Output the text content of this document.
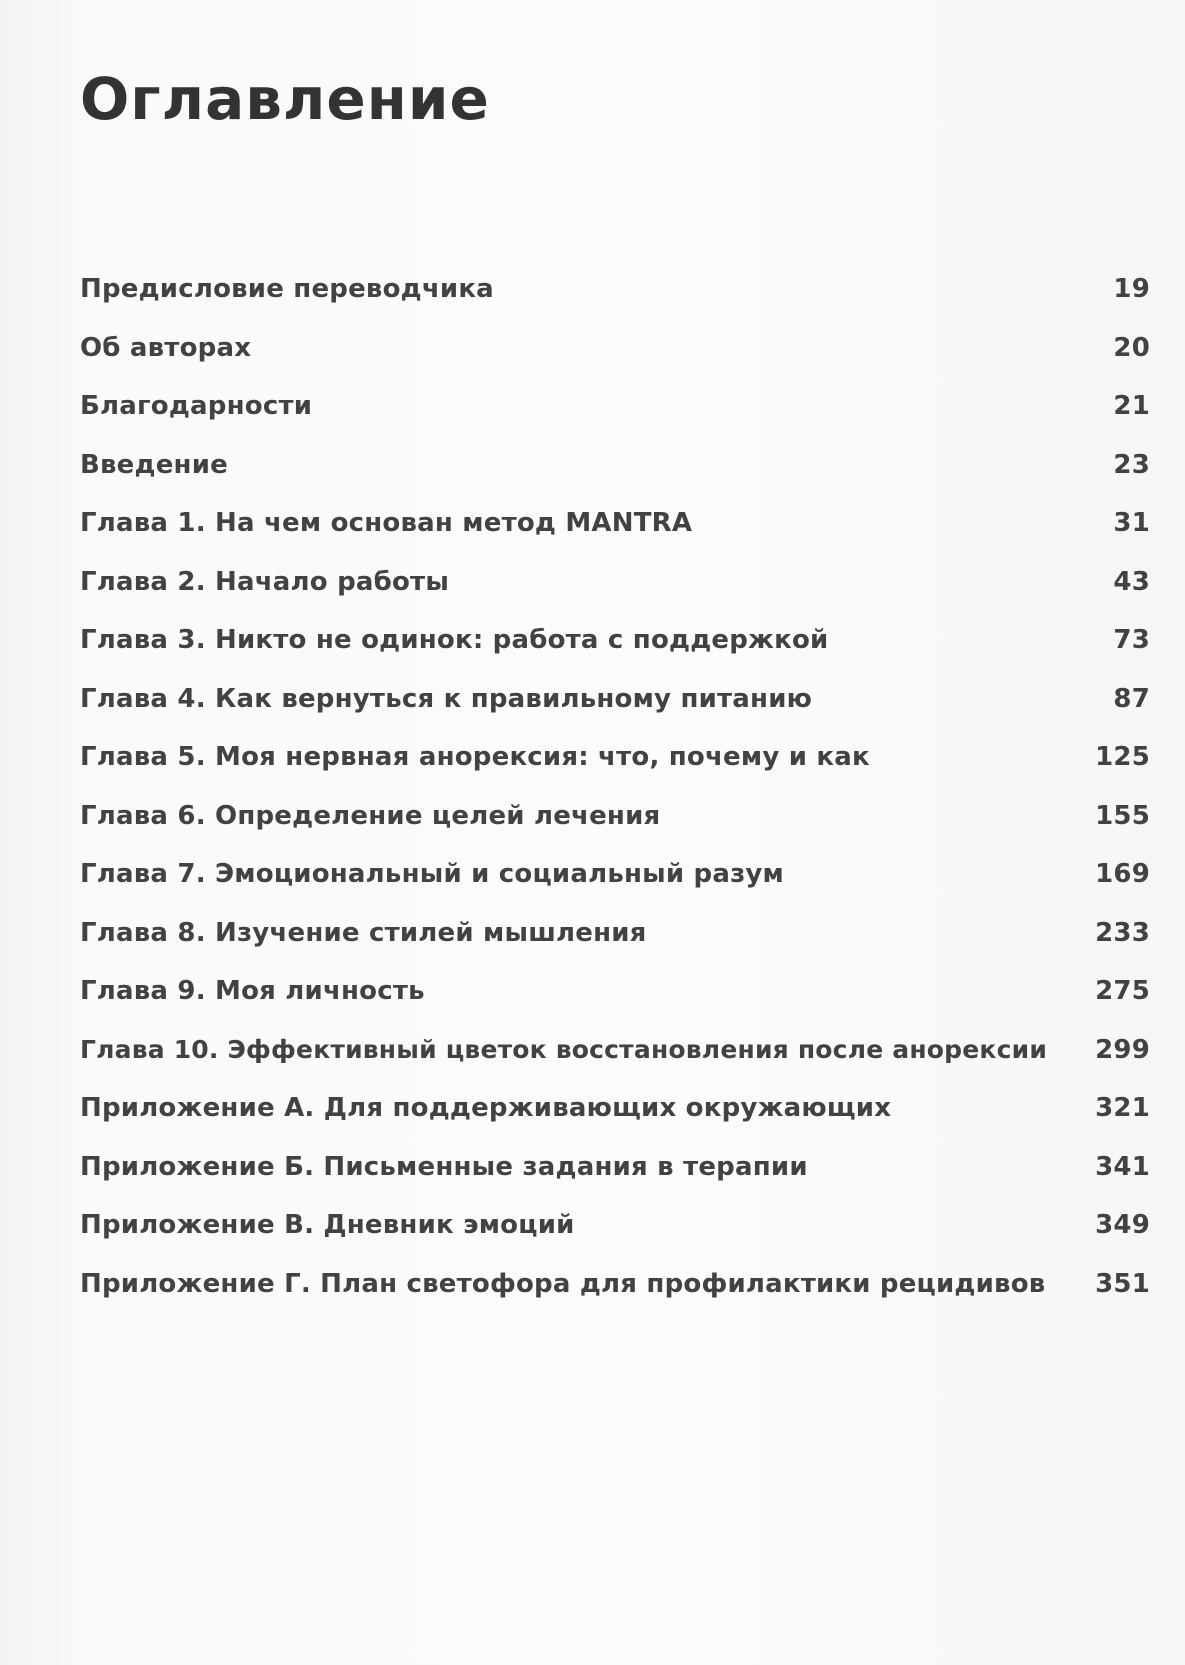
Оглавление
Предисловие переводчика	19
Об авторах	20
Благодарности	21
Введение	23
Глава 1. На чем основан метод MANTRA	31
Глава 2. Начало работы	43
Глава 3. Никто не одинок: работа с поддержкой	73
Глава 4. Как вернуться к правильному питанию	87
Глава 5. Моя нервная анорексия: что, почему и как	125
Глава 6. Определение целей лечения	155
Глава 7. Эмоциональный и социальный разум	169
Глава 8. Изучение стилей мышления	233
Глава 9. Моя личность	275
Глава 10. Эффективный цветок восстановления после анорексии	299
Приложение А. Для поддерживающих окружающих	321
Приложение Б. Письменные задания в терапии	341
Приложение В. Дневник эмоций	349
Приложение Г. План светофора для профилактики рецидивов	351
